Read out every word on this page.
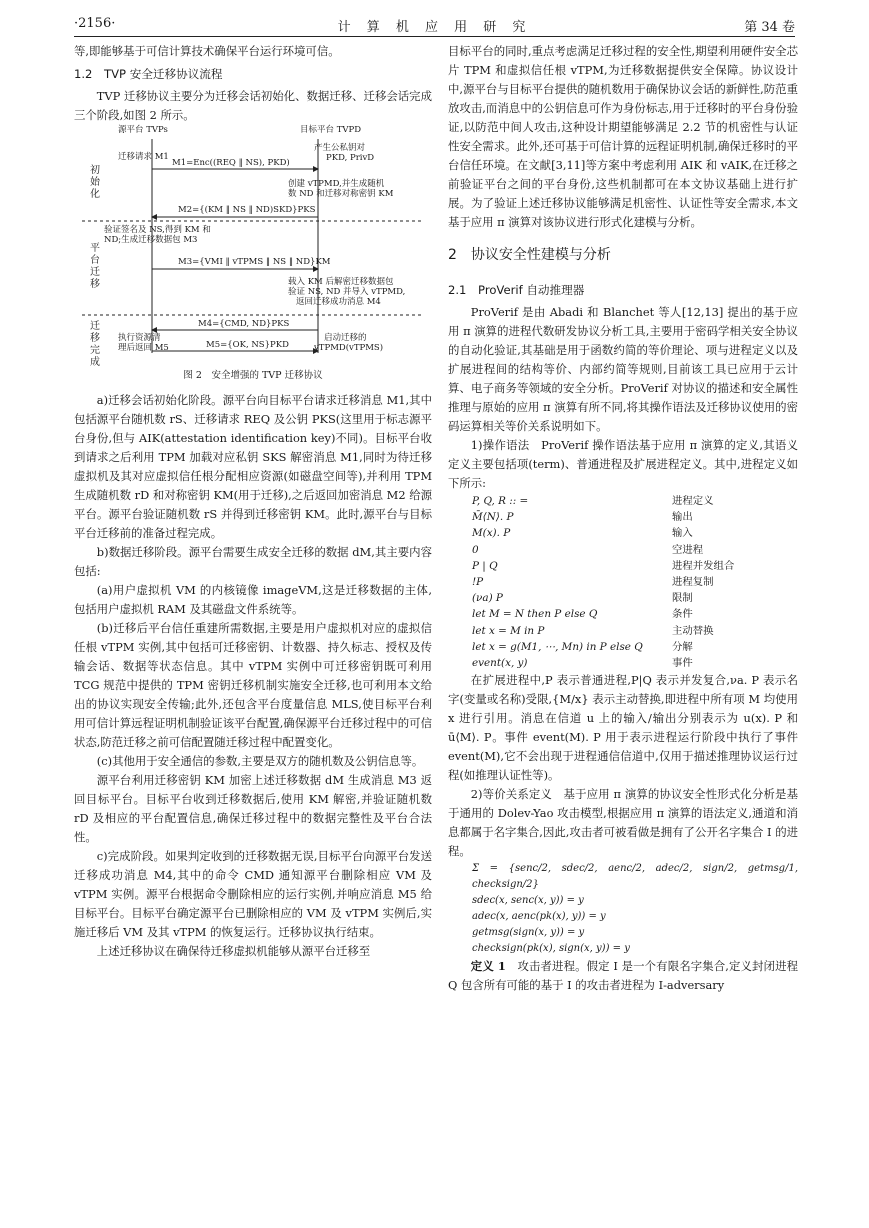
·2156·	计 算 机 应 用 研 究	第 34 卷

等,即能够基于可信计算技术确保平台运行环境可信。

1.2　TVP 安全迁移协议流程

TVP 迁移协议主要分为迁移会话初始化、数据迁移、迁移会话完成三个阶段,如图 2 所示。

源平台 TVPs	目标平台 TVPD
初始化
平台迁移
迁移完成
迁移请求 M1
M1=Enc((REQ ‖ NS), PKD)
产生公私钥对
PKD, PrivD
创建 vTPMD,并生成随机
数 ND 和迁移对称密钥 KM
M2={(KM ‖ NS ‖ ND)SKD}PKS
验证签名及 NS,得到 KM 和
ND;生成迁移数据包 M3
M3={VMI ‖ vTPMS ‖ NS ‖ ND}KM
载入 KM 后解密迁移数据包
验证 NS, ND 并导入 vTPMD,
返回迁移成功消息 M4
M4={CMD, ND}PKS
执行资源清
理后返回 M5	M5={OK, NS}PKD
启动迁移的
vTPMD(vTPMS)
图 2　安全增强的 TVP 迁移协议

a)迁移会话初始化阶段。源平台向目标平台请求迁移消息 M1,其中包括源平台随机数 rS、迁移请求 REQ 及公钥 PKS(这里用于标志源平台身份,但与 AIK(attestation identification key)不同)。目标平台收到请求之后利用 TPM 加载对应私钥 SKS 解密消息 M1,同时为待迁移虚拟机及其对应虚拟信任根分配相应资源(如磁盘空间等),并利用 TPM 生成随机数 rD 和对称密钥 KM(用于迁移),之后返回加密消息 M2 给源平台。源平台验证随机数 rS 并得到迁移密钥 KM。此时,源平台与目标平台迁移前的准备过程完成。

b)数据迁移阶段。源平台需要生成安全迁移的数据 dM,其主要内容包括:

(a)用户虚拟机 VM 的内核镜像 imageVM,这是迁移数据的主体,包括用户虚拟机 RAM 及其磁盘文件系统等。

(b)迁移后平台信任重建所需数据,主要是用户虚拟机对应的虚拟信任根 vTPM 实例,其中包括可迁移密钥、计数器、持久标志、授权及传输会话、数据等状态信息。其中 vTPM 实例中可迁移密钥既可利用 TCG 规范中提供的 TPM 密钥迁移机制实施安全迁移,也可利用本文给出的协议实现安全传输;此外,还包含平台度量信息 MLS,使目标平台利用可信计算远程证明机制验证该平台配置,确保源平台迁移过程中的可信状态,防范迁移之前可信配置随迁移过程中配置变化。

(c)其他用于安全通信的参数,主要是双方的随机数及公钥信息等。

源平台利用迁移密钥 KM 加密上述迁移数据 dM 生成消息 M3 返回目标平台。目标平台收到迁移数据后,使用 KM 解密,并验证随机数 rD 及相应的平台配置信息,确保迁移过程中的数据完整性及平台合法性。

c)完成阶段。如果判定收到的迁移数据无误,目标平台向源平台发送迁移成功消息 M4,其中的命令 CMD 通知源平台删除相应 VM 及 vTPM 实例。源平台根据命令删除相应的运行实例,并响应消息 M5 给目标平台。目标平台确定源平台已删除相应的 VM 及 vTPM 实例后,实施迁移后 VM 及其 vTPM 的恢复运行。迁移协议执行结束。

上述迁移协议在确保待迁移虚拟机能够从源平台迁移至

目标平台的同时,重点考虑满足迁移过程的安全性,期望利用硬件安全芯片 TPM 和虚拟信任根 vTPM,为迁移数据提供安全保障。协议设计中,源平台与目标平台提供的随机数用于确保协议会话的新鲜性,防范重放攻击,而消息中的公钥信息可作为身份标志,用于迁移时的平台身份验证,以防范中间人攻击,这种设计期望能够满足 2.2 节的机密性与认证性安全需求。此外,还可基于可信计算的远程证明机制,确保迁移时的平台信任环境。在文献[3,11]等方案中考虑利用 AIK 和 vAIK,在迁移之前验证平台之间的平台身份,这些机制都可在本文协议基础上进行扩展。为了验证上述迁移协议能够满足机密性、认证性等安全需求,本文基于应用 π 演算对该协议进行形式化建模与分析。

2　协议安全性建模与分析
2.1　ProVerif 自动推理器

ProVerif 是由 Abadi 和 Blanchet 等人[12,13] 提出的基于应用 π 演算的进程代数研发协议分析工具,主要用于密码学相关安全协议的自动化验证,其基础是用于函数约简的等价理论、项与进程定义以及扩展进程间的结构等价、内部约简等规则,目前该工具已应用于云计算、电子商务等领域的安全分析。ProVerif 对协议的描述和安全属性推理与原始的应用 π 演算有所不同,将其操作语法及迁移协议使用的密码运算相关等价关系说明如下。

1)操作语法　ProVerif 操作语法基于应用 π 演算的定义,其语义定义主要包括项(term)、普通进程及扩展进程定义。其中,进程定义如下所示:

P, Q, R :: =	进程定义
M̄⟨N⟩. P	输出
M(x). P	输入
0	空进程
P | Q	进程并发组合
!P	进程复制
(νa) P	限制
let M = N then P else Q	条件
let x = M in P	主动替换
let x = g(M1, ⋯, Mn) in P else Q	分解
event(x, y)	事件

在扩展进程中,P 表示普通进程,P|Q 表示并发复合,νa. P 表示名字(变量或名称)受限,{M/x} 表示主动替换,即进程中所有项 M 均使用 x 进行引用。消息在信道 u 上的输入/输出分别表示为 u(x). P 和 ū⟨M⟩. P。事件 event(M). P 用于表示进程运行阶段中执行了事件 event(M),它不会出现于进程通信信道中,仅用于描述推理协议运行过程(如推理认证性等)。

2)等价关系定义　基于应用 π 演算的协议安全性形式化分析是基于通用的 Dolev-Yao 攻击模型,根据应用 π 演算的语法定义,通道和消息都属于名字集合,因此,攻击者可被看做是拥有了公开名字集合 I 的进程。

Σ = {senc/2, sdec/2, aenc/2, adec/2, sign/2, getmsg/1, checksign/2}
sdec(x, senc(x, y)) = y
adec(x, aenc(pk(x), y)) = y
getmsg(sign(x, y)) = y
checksign(pk(x), sign(x, y)) = y

定义 1　攻击者进程。假定 I 是一个有限名字集合,定义封闭进程 Q 包含所有可能的基于 I 的攻击者进程为 I-adversary
